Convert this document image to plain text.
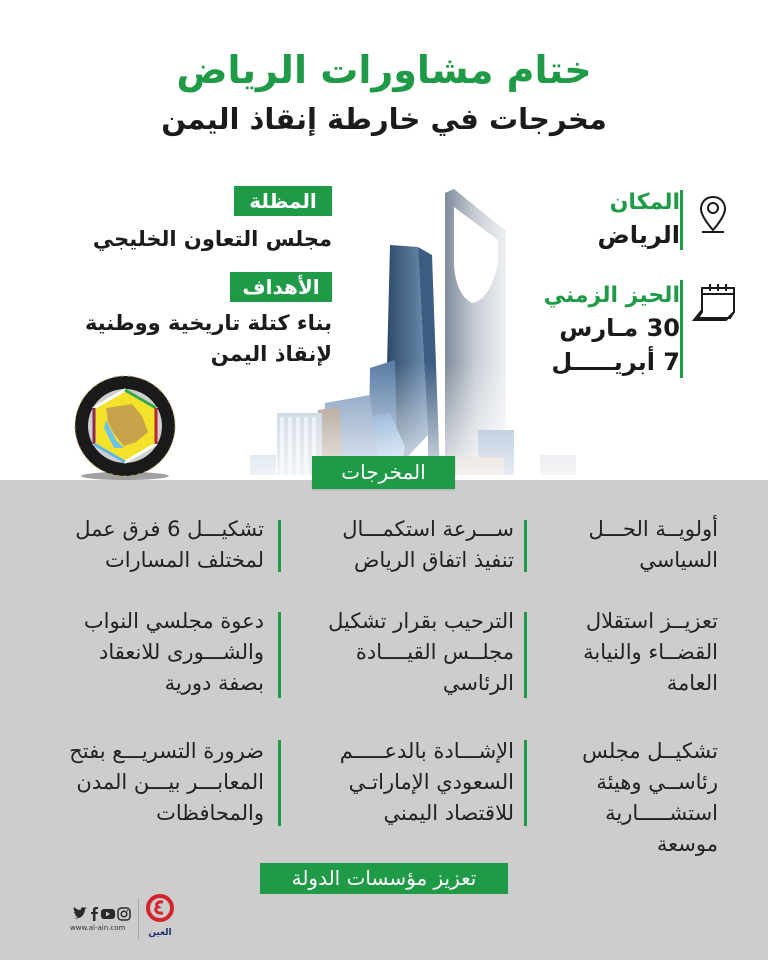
ختام مشاورات الرياض
مخرجات في خارطة إنقاذ اليمن
المكان
الرياض
الحيز الزمني
30 مـارس
7 أبريـــــل
المظلة
مجلس التعاون الخليجي
الأهداف
بناء كتلة تاريخية ووطنية
لإنقاذ اليمن
المخرجات
أولويــة الحـــل
السياسي
تعزيــز استقلال
القضــاء والنيابة
العامة
تشكيــل مجلس
رئاســي وهيئة
استشـــــارية
موسعة
ســـرعة استكمـــال
تنفيذ اتفاق الرياض
الترحيب بقرار تشكيل
مجلــس القيــــادة
الرئاسي
الإشـــادة بالدعـــــم
السعودي الإماراتـي
للاقتصاد اليمني
تشكيـــل 6 فرق عمل
لمختلف المسارات
دعوة مجلسي النواب
والشـــورى للانعقاد
بصفة دورية
ضرورة التسريـــع بفتح
المعابـــر بيـــن المدن
والمحافظات
تعزيز مؤسسات الدولة
www.al-ain.com	العين
